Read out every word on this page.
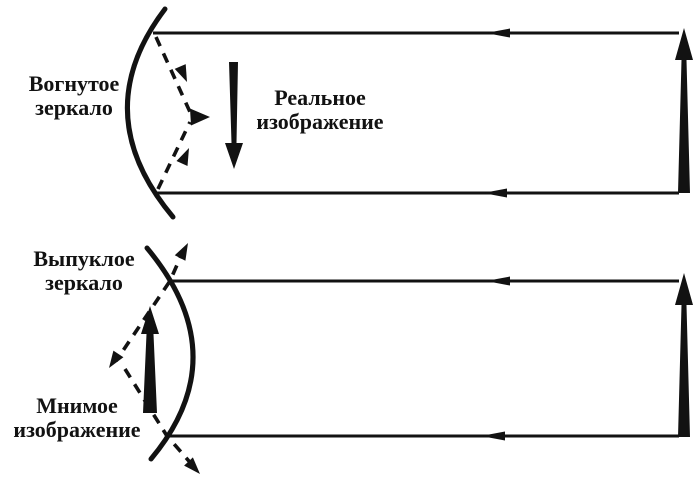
Вогнутое
зеркало	Реальное
изображение
Выпуклое
зеркало
Мнимое
изображение
